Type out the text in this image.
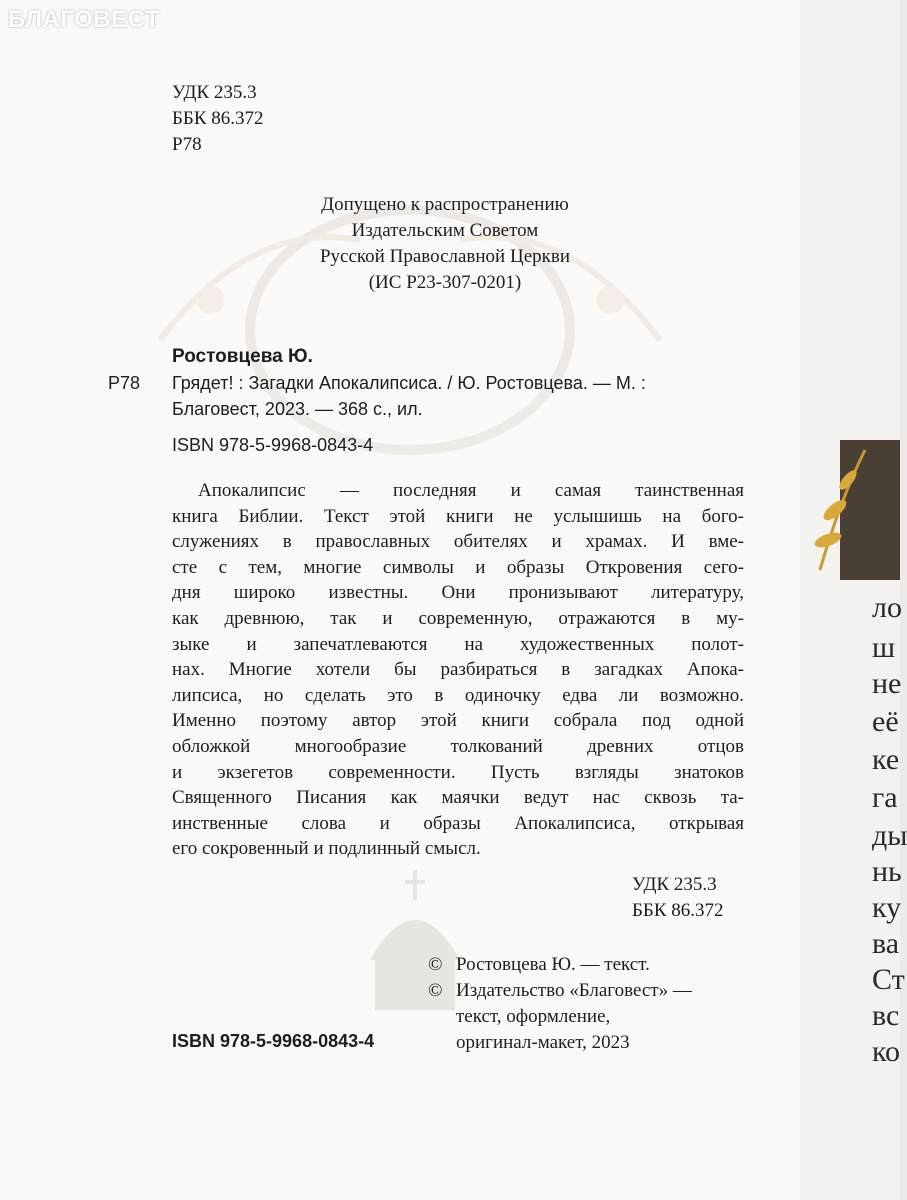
БЛАГОВЕСТ
УДК 235.3
ББК 86.372
Р78
Допущено к распространению
Издательским Советом
Русской Православной Церкви
(ИС Р23-307-0201)
Ростовцева Ю.
Р78 Грядет! : Загадки Апокалипсиса. / Ю. Ростовцева. — М. :
Благовест, 2023. — 368 с., ил.
ISBN 978-5-9968-0843-4
Апокалипсис — последняя и самая таинственная
книга Библии. Текст этой книги не услышишь на бого-
служениях в православных обителях и храмах. И вме-
сте с тем, многие символы и образы Откровения сего-
дня широко известны. Они пронизывают литературу,
как древнюю, так и современную, отражаются в му-
зыке и запечатлеваются на художественных полот-
нах. Многие хотели бы разбираться в загадках Апока-
липсиса, но сделать это в одиночку едва ли возможно.
Именно поэтому автор этой книги собрала под одной
обложкой многообразие толкований древних отцов
и экзегетов современности. Пусть взгляды знатоков
Священного Писания как маячки ведут нас сквозь та-
инственные слова и образы Апокалипсиса, открывая
его сокровенный и подлинный смысл.
УДК 235.3
ББК 86.372
© Ростовцева Ю. — текст.
© Издательство «Благовест» —
текст, оформление,
оригинал-макет, 2023
ISBN 978-5-9968-0843-4
ло
ш
не
её
ке
га
ды
нь
ку
ва
Ст
вс
ко
